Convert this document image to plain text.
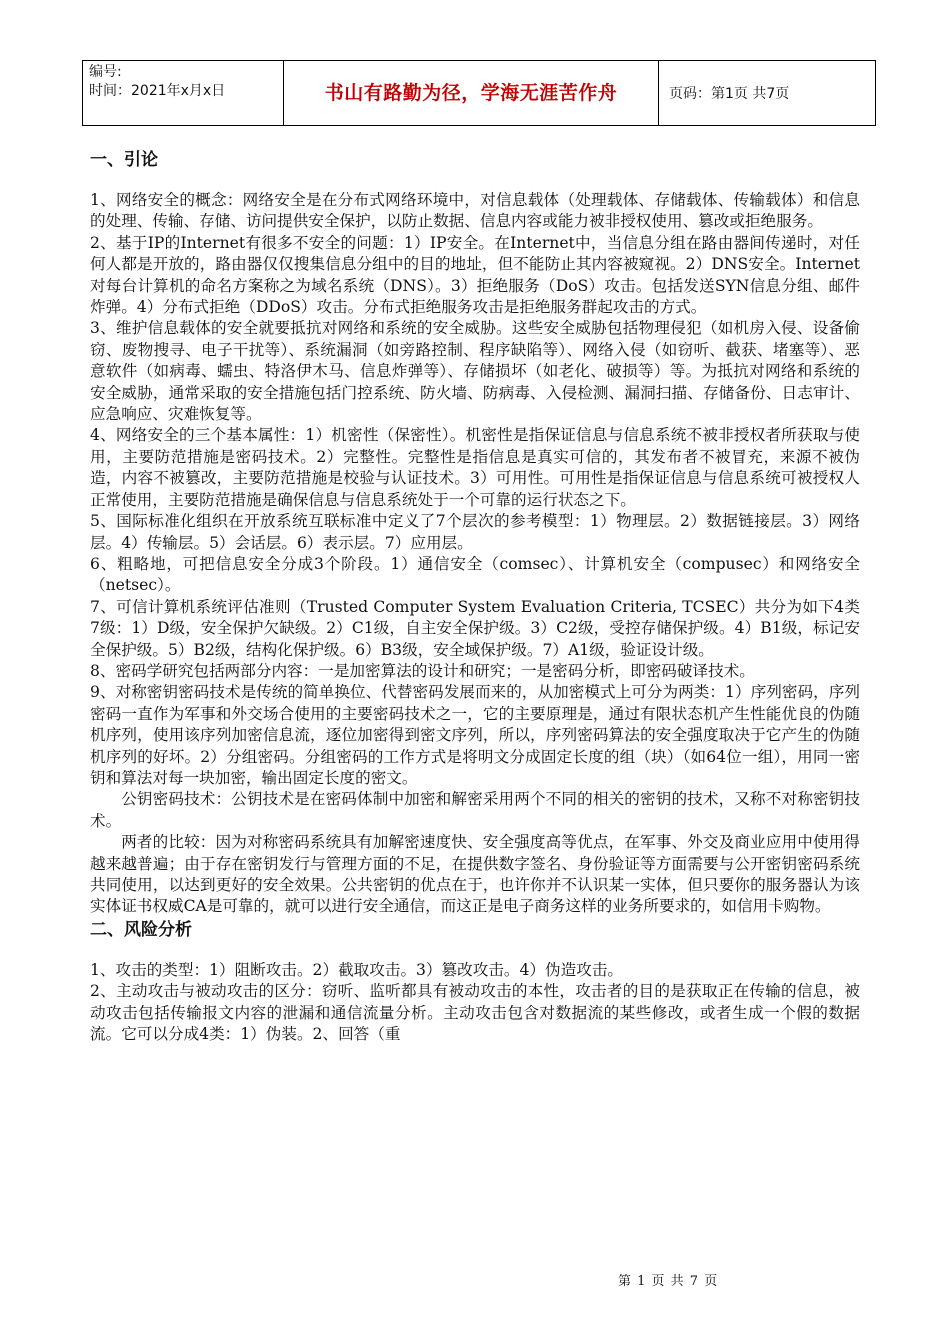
编号:
时间：2021年x月x日	书山有路勤为径，学海无涯苦作舟	页码：第1页 共7页
一、引论

1、网络安全的概念：网络安全是在分布式网络环境中，对信息载体（处理载体、存储载体、传输载体）和信息的处理、传输、存储、访问提供安全保护，以防止数据、信息内容或能力被非授权使用、篡改或拒绝服务。

2、基于IP的Internet有很多不安全的问题：1）IP安全。在Internet中，当信息分组在路由器间传递时，对任何人都是开放的，路由器仅仅搜集信息分组中的目的地址，但不能防止其内容被窥视。2）DNS安全。Internet对每台计算机的命名方案称之为域名系统（DNS）。3）拒绝服务（DoS）攻击。包括发送SYN信息分组、邮件炸弹。4）分布式拒绝（DDoS）攻击。分布式拒绝服务攻击是拒绝服务群起攻击的方式。

3、维护信息载体的安全就要抵抗对网络和系统的安全威胁。这些安全威胁包括物理侵犯（如机房入侵、设备偷窃、废物搜寻、电子干扰等）、系统漏洞（如旁路控制、程序缺陷等）、网络入侵（如窃听、截获、堵塞等）、恶意软件（如病毒、蠕虫、特洛伊木马、信息炸弹等）、存储损坏（如老化、破损等）等。为抵抗对网络和系统的安全威胁，通常采取的安全措施包括门控系统、防火墙、防病毒、入侵检测、漏洞扫描、存储备份、日志审计、应急响应、灾难恢复等。

4、网络安全的三个基本属性：1）机密性（保密性）。机密性是指保证信息与信息系统不被非授权者所获取与使用，主要防范措施是密码技术。2）完整性。完整性是指信息是真实可信的，其发布者不被冒充，来源不被伪造，内容不被篡改，主要防范措施是校验与认证技术。3）可用性。可用性是指保证信息与信息系统可被授权人正常使用，主要防范措施是确保信息与信息系统处于一个可靠的运行状态之下。

5、国际标准化组织在开放系统互联标准中定义了7个层次的参考模型：1）物理层。2）数据链接层。3）网络层。4）传输层。5）会话层。6）表示层。7）应用层。

6、粗略地，可把信息安全分成3个阶段。1）通信安全（comsec）、计算机安全（compusec）和网络安全（netsec）。

7、可信计算机系统评估准则（Trusted Computer System Evaluation Criteria, TCSEC）共分为如下4类7级：1）D级，安全保护欠缺级。2）C1级，自主安全保护级。3）C2级，受控存储保护级。4）B1级，标记安全保护级。5）B2级，结构化保护级。6）B3级，安全域保护级。7）A1级，验证设计级。

8、密码学研究包括两部分内容：一是加密算法的设计和研究；一是密码分析，即密码破译技术。

9、对称密钥密码技术是传统的简单换位、代替密码发展而来的，从加密模式上可分为两类：1）序列密码，序列密码一直作为军事和外交场合使用的主要密码技术之一，它的主要原理是，通过有限状态机产生性能优良的伪随机序列，使用该序列加密信息流，逐位加密得到密文序列，所以，序列密码算法的安全强度取决于它产生的伪随机序列的好坏。2）分组密码。分组密码的工作方式是将明文分成固定长度的组（块）（如64位一组），用同一密钥和算法对每一块加密，输出固定长度的密文。

公钥密码技术：公钥技术是在密码体制中加密和解密采用两个不同的相关的密钥的技术，又称不对称密钥技术。

两者的比较：因为对称密码系统具有加解密速度快、安全强度高等优点，在军事、外交及商业应用中使用得越来越普遍；由于存在密钥发行与管理方面的不足，在提供数字签名、身份验证等方面需要与公开密钥密码系统共同使用，以达到更好的安全效果。公共密钥的优点在于，也许你并不认识某一实体，但只要你的服务器认为该实体证书权威CA是可靠的，就可以进行安全通信，而这正是电子商务这样的业务所要求的，如信用卡购物。

二、风险分析

1、攻击的类型：1）阻断攻击。2）截取攻击。3）篡改攻击。4）伪造攻击。

2、主动攻击与被动攻击的区分：窃听、监听都具有被动攻击的本性，攻击者的目的是获取正在传输的信息，被动攻击包括传输报文内容的泄漏和通信流量分析。主动攻击包含对数据流的某些修改，或者生成一个假的数据流。它可以分成4类：1）伪装。2、回答（重

第 1 页 共 7 页
